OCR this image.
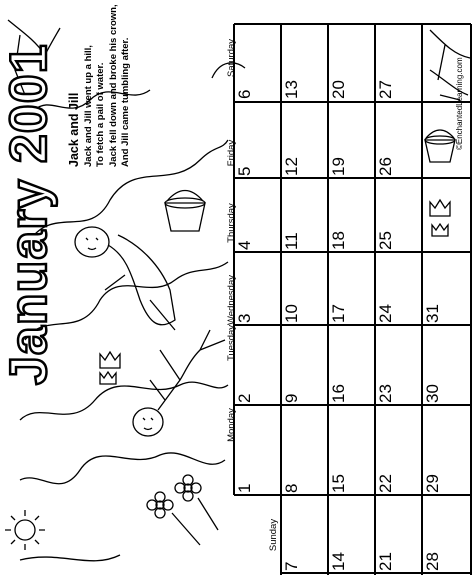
January 2001
Sunday
Monday
Tuesday
Wednesday
Thursday
Friday
Saturday
1
2
3
4
5
6
7
8
9
10
11
12
13
14
15
16
17
18
19
20
21
22
23
24
25
26
27
28
29
30
31
Jack and Jill Jack and Jill went up a hill, To fetch a pail of water. Jack fell down and broke his crown, And Jill came tumbling after.	©EnchantedLearning.com
